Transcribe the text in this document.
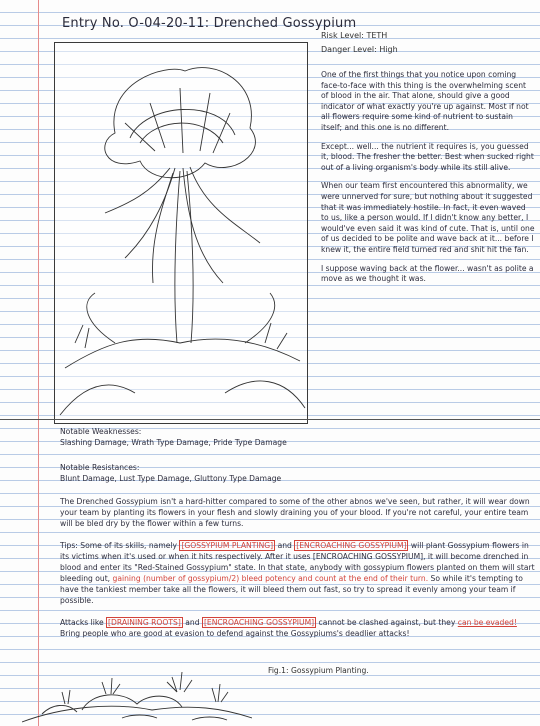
Entry No. O-04-20-11: Drenched Gossypium
Risk Level: TETH
Danger Level: High

One of the first things that you notice upon coming face-to-face with this thing is the overwhelming scent of blood in the air. That alone, should give a good indicator of what exactly you're up against. Most if not all flowers require some kind of nutrient to sustain itself; and this one is no different.

Except... well... the nutrient it requires is, you guessed it, blood. The fresher the better. Best when sucked right out of a living organism's body while its still alive.

When our team first encountered this abnormality, we were unnerved for sure, but nothing about it suggested that it was immediately hostile. In fact, it even waved to us, like a person would. If I didn't know any better, I would've even said it was kind of cute. That is, until one of us decided to be polite and wave back at it... before I knew it, the entire field turned red and shit hit the fan.

I suppose waving back at the flower... wasn't as polite a move as we thought it was.

Notable Weaknesses:

Slashing Damage, Wrath Type Damage, Pride Type Damage

Notable Resistances:

Blunt Damage, Lust Type Damage, Gluttony Type Damage

The Drenched Gossypium isn't a hard-hitter compared to some of the other abnos we've seen, but rather, it will wear down your team by planting its flowers in your flesh and slowly draining you of your blood. If you're not careful, your entire team will be bled dry by the flower within a few turns.

Tips: Some of its skills, namely [GOSSYPIUM PLANTING] and [ENCROACHING GOSSYPIUM] will plant Gossypium flowers in its victims when it's used or when it hits respectively. After it uses [ENCROACHING GOSSYPIUM], it will become drenched in blood and enter its "Red-Stained Gossypium" state. In that state, anybody with gossypium flowers planted on them will start bleeding out, gaining (number of gossypium/2) bleed potency and count at the end of their turn. So while it's tempting to have the tankiest member take all the flowers, it will bleed them out fast, so try to spread it evenly among your team if possible.

Attacks like [DRAINING ROOTS] and [ENCROACHING GOSSYPIUM] cannot be clashed against, but they can be evaded! Bring people who are good at evasion to defend against the Gossypiums's deadlier attacks!

Fig.1: Gossypium Planting.
